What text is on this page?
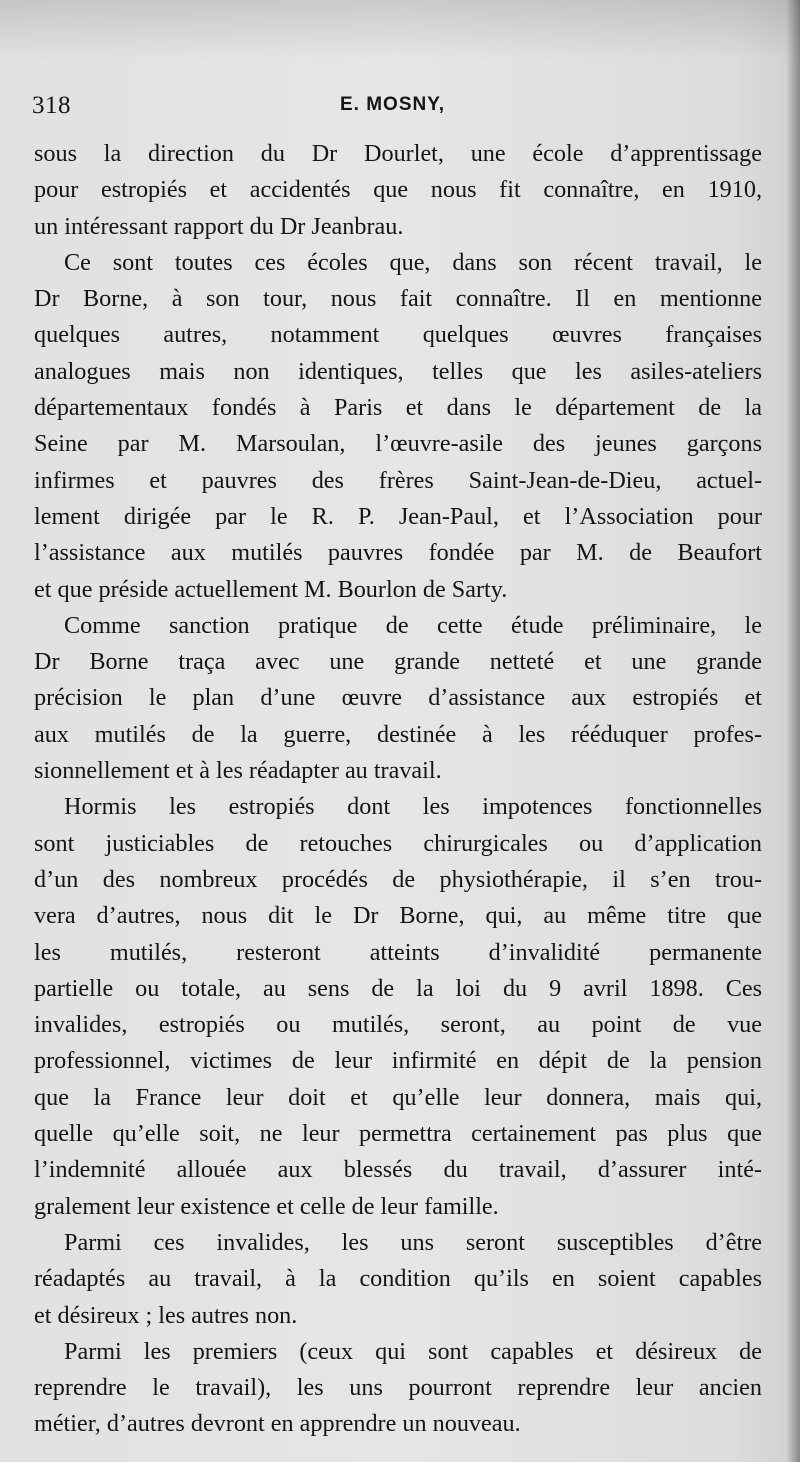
318	E. MOSNY,
sous la direction du Dr Dourlet, une école d’apprentissage
pour estropiés et accidentés que nous fit connaître, en 1910,
un intéressant rapport du Dr Jeanbrau.
Ce sont toutes ces écoles que, dans son récent travail, le
Dr Borne, à son tour, nous fait connaître. Il en mentionne
quelques autres, notamment quelques œuvres françaises
analogues mais non identiques, telles que les asiles-ateliers
départementaux fondés à Paris et dans le département de la
Seine par M. Marsoulan, l’œuvre-asile des jeunes garçons
infirmes et pauvres des frères Saint-Jean-de-Dieu, actuel-
lement dirigée par le R. P. Jean-Paul, et l’Association pour
l’assistance aux mutilés pauvres fondée par M. de Beaufort
et que préside actuellement M. Bourlon de Sarty.
Comme sanction pratique de cette étude préliminaire, le
Dr Borne traça avec une grande netteté et une grande
précision le plan d’une œuvre d’assistance aux estropiés et
aux mutilés de la guerre, destinée à les rééduquer profes-
sionnellement et à les réadapter au travail.
Hormis les estropiés dont les impotences fonctionnelles
sont justiciables de retouches chirurgicales ou d’application
d’un des nombreux procédés de physiothérapie, il s’en trou-
vera d’autres, nous dit le Dr Borne, qui, au même titre que
les mutilés, resteront atteints d’invalidité permanente
partielle ou totale, au sens de la loi du 9 avril 1898. Ces
invalides, estropiés ou mutilés, seront, au point de vue
professionnel, victimes de leur infirmité en dépit de la pension
que la France leur doit et qu’elle leur donnera, mais qui,
quelle qu’elle soit, ne leur permettra certainement pas plus que
l’indemnité allouée aux blessés du travail, d’assurer inté-
gralement leur existence et celle de leur famille.
Parmi ces invalides, les uns seront susceptibles d’être
réadaptés au travail, à la condition qu’ils en soient capables
et désireux ; les autres non.
Parmi les premiers (ceux qui sont capables et désireux de
reprendre le travail), les uns pourront reprendre leur ancien
métier, d’autres devront en apprendre un nouveau.
